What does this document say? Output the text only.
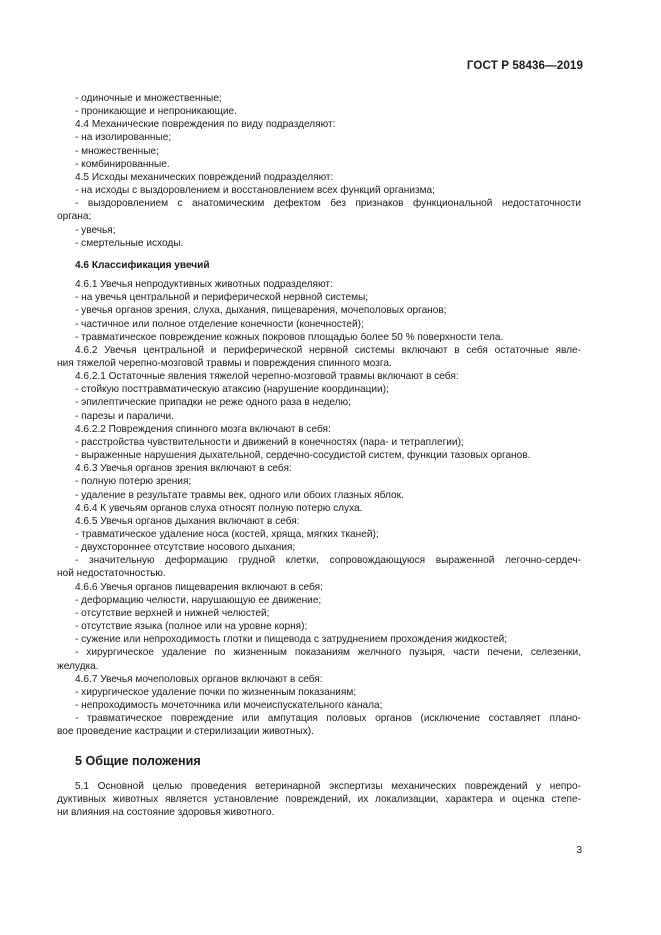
ГОСТ Р 58436—2019
- одиночные и множественные;
- проникающие и непроникающие.
4.4 Механические повреждения по виду подразделяют:
- на изолированные;
- множественные;
- комбинированные.
4.5 Исходы механических повреждений подразделяют:
- на исходы с выздоровлением и восстановлением всех функций организма;
- выздоровлением с анатомическим дефектом без признаков функциональной недостаточности
органа;
- увечья;
- смертельные исходы.
4.6 Классификация увечий
4.6.1 Увечья непродуктивных животных подразделяют:
- на увечья центральной и периферической нервной системы;
- увечья органов зрения, слуха, дыхания, пищеварения, мочеполовых органов;
- частичное или полное отделение конечности (конечностей);
- травматическое повреждение кожных покровов площадью более 50 % поверхности тела.
4.6.2 Увечья центральной и периферической нервной системы включают в себя остаточные явле-
ния тяжелой черепно-мозговой травмы и повреждения спинного мозга.
4.6.2.1 Остаточные явления тяжелой черепно-мозговой травмы включают в себя:
- стойкую посттравматическую атаксию (нарушение координации);
- эпилептические припадки не реже одного раза в неделю;
- парезы и параличи.
4.6.2.2 Повреждения спинного мозга включают в себя:
- расстройства чувствительности и движений в конечностях (пара- и тетраплегии);
- выраженные нарушения дыхательной, сердечно-сосудистой систем, функции тазовых органов.
4.6.3 Увечья органов зрения включают в себя:
- полную потерю зрения;
- удаление в результате травмы век, одного или обоих глазных яблок.
4.6.4 К увечьям органов слуха относят полную потерю слуха.
4.6.5 Увечья органов дыхания включают в себя:
- травматическое удаление носа (костей, хряща, мягких тканей);
- двухстороннее отсутствие носового дыхания;
- значительную деформацию грудной клетки, сопровождающуюся выраженной легочно-сердеч-
ной недостаточностью.
4.6.6 Увечья органов пищеварения включают в себя:
- деформацию челюсти, нарушающую ее движение;
- отсутствие верхней и нижней челюстей;
- отсутствие языка (полное или на уровне корня);
- сужение или непроходимость глотки и пищевода с затруднением прохождения жидкостей;
- хирургическое удаление по жизненным показаниям желчного пузыря, части печени, селезенки,
желудка.
4.6.7 Увечья мочеполовых органов включают в себя:
- хирургическое удаление почки по жизненным показаниям;
- непроходимость мочеточника или мочеиспускательного канала;
- травматическое повреждение или ампутация половых органов (исключение составляет плано-
вое проведение кастрации и стерилизации животных).
5 Общие положения
5.1 Основной целью проведения ветеринарной экспертизы механических повреждений у непро-
дуктивных животных является установление повреждений, их локализации, характера и оценка степе-
ни влияния на состояние здоровья животного.
3
